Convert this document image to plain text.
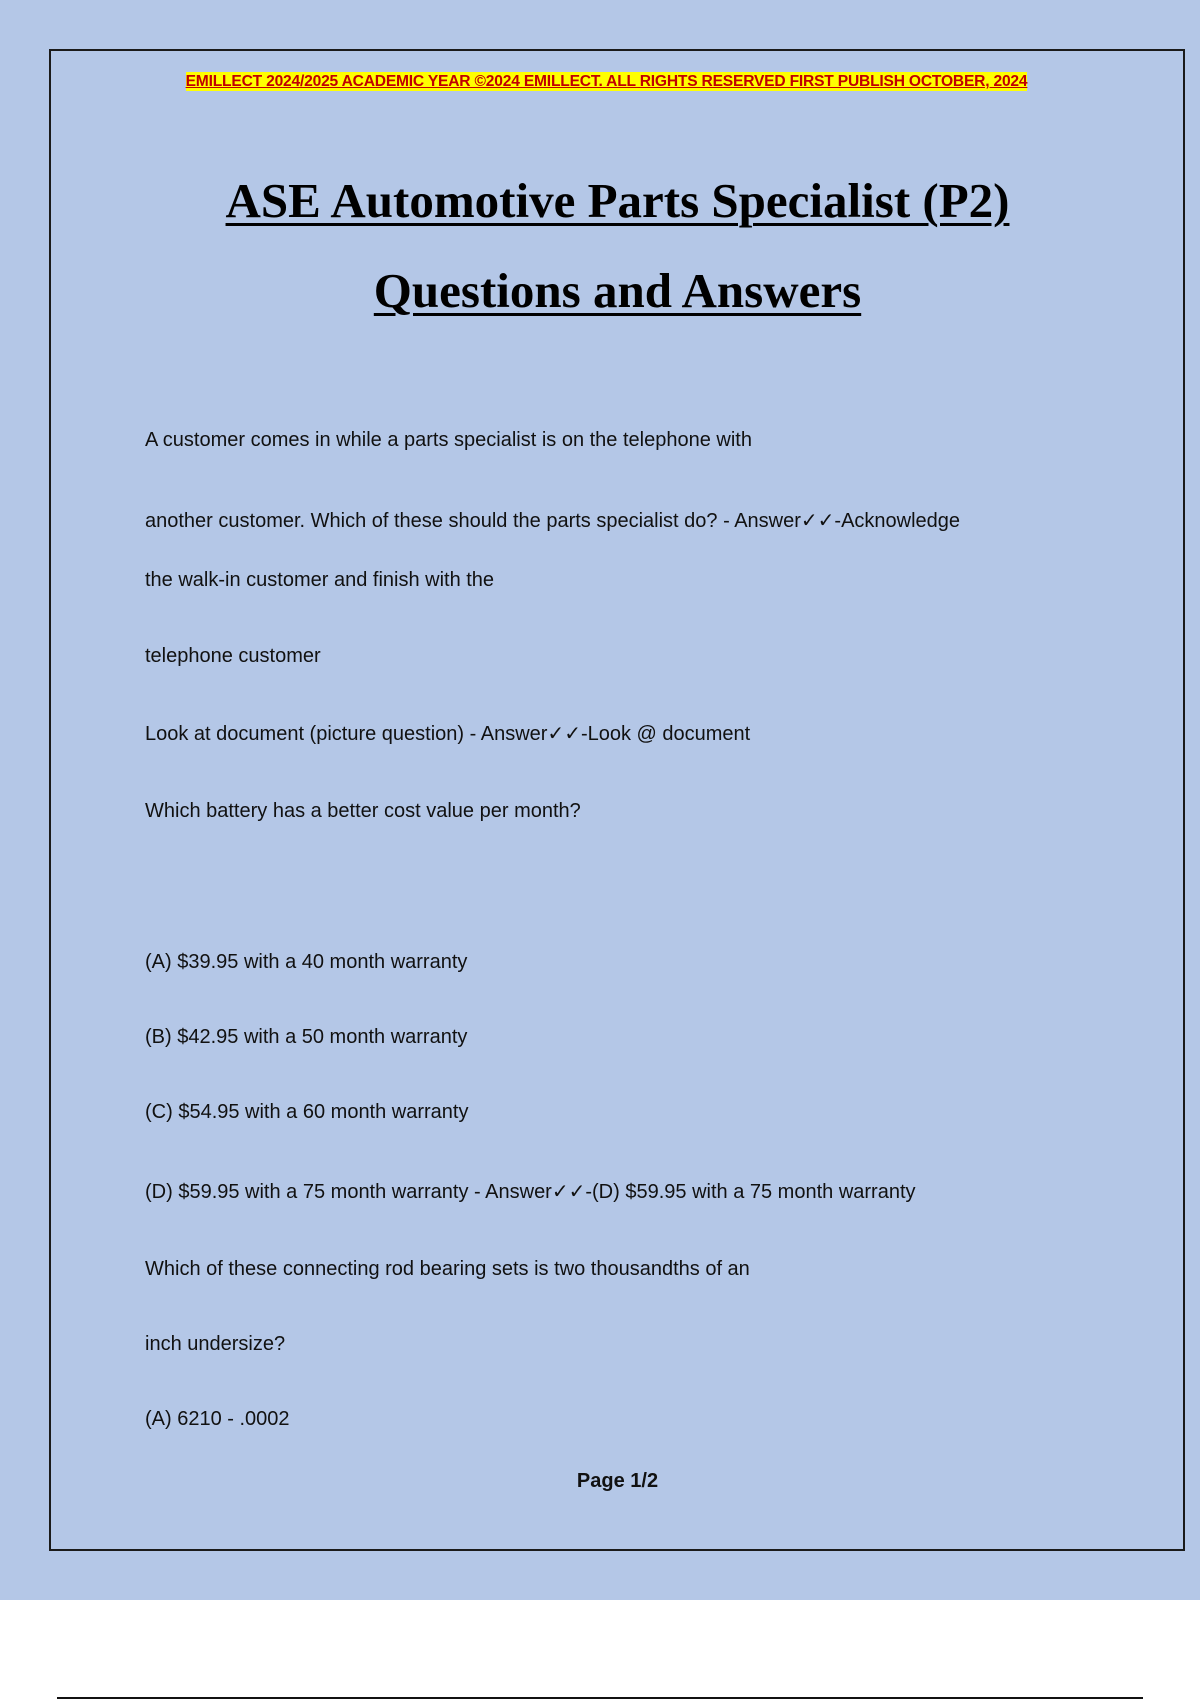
EMILLECT 2024/2025 ACADEMIC YEAR ©2024 EMILLECT. ALL RIGHTS RESERVED FIRST PUBLISH OCTOBER, 2024
ASE Automotive Parts Specialist (P2)
Questions and Answers
A customer comes in while a parts specialist is on the telephone with
another customer. Which of these should the parts specialist do? - Answer✓✓-Acknowledge
the walk-in customer and finish with the
telephone customer
Look at document (picture question) - Answer✓✓-Look @ document
Which battery has a better cost value per month?
(A) $39.95 with a 40 month warranty
(B) $42.95 with a 50 month warranty
(C) $54.95 with a 60 month warranty
(D) $59.95 with a 75 month warranty - Answer✓✓-(D) $59.95 with a 75 month warranty
Which of these connecting rod bearing sets is two thousandths of an
inch undersize?
(A) 6210 - .0002
Page 1/2
